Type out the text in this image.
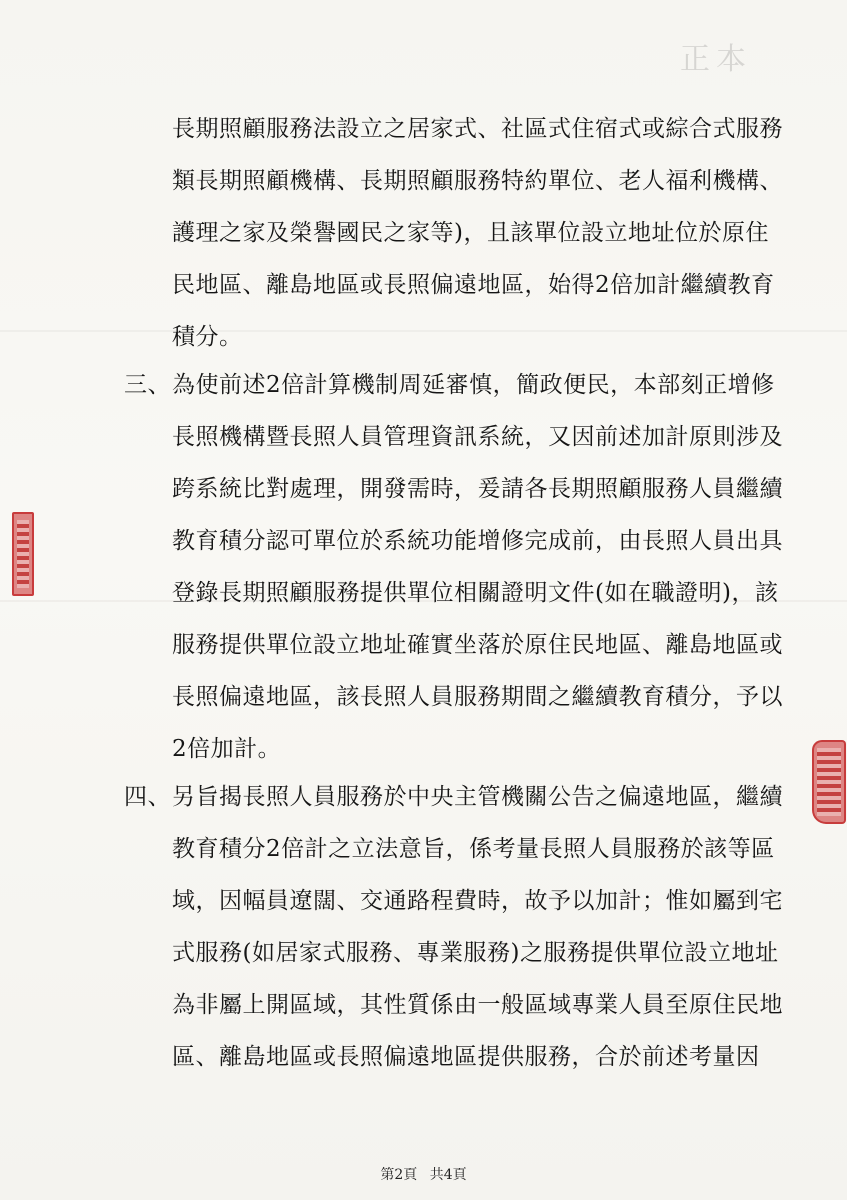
正本
長期照顧服務法設立之居家式、社區式住宿式或綜合式服務
類長期照顧機構、長期照顧服務特約單位、老人福利機構、
護理之家及榮譽國民之家等)，且該單位設立地址位於原住
民地區、離島地區或長照偏遠地區，始得2倍加計繼續教育
積分。
三、 為使前述2倍計算機制周延審慎，簡政便民，本部刻正增修
長照機構暨長照人員管理資訊系統，又因前述加計原則涉及
跨系統比對處理，開發需時，爰請各長期照顧服務人員繼續
教育積分認可單位於系統功能增修完成前，由長照人員出具
登錄長期照顧服務提供單位相關證明文件(如在職證明)，該
服務提供單位設立地址確實坐落於原住民地區、離島地區或
長照偏遠地區，該長照人員服務期間之繼續教育積分，予以
2倍加計。
四、 另旨揭長照人員服務於中央主管機關公告之偏遠地區，繼續
教育積分2倍計之立法意旨，係考量長照人員服務於該等區
域，因幅員遼闊、交通路程費時，故予以加計；惟如屬到宅
式服務(如居家式服務、專業服務)之服務提供單位設立地址
為非屬上開區域，其性質係由一般區域專業人員至原住民地
區、離島地區或長照偏遠地區提供服務，合於前述考量因
第2頁 共4頁
